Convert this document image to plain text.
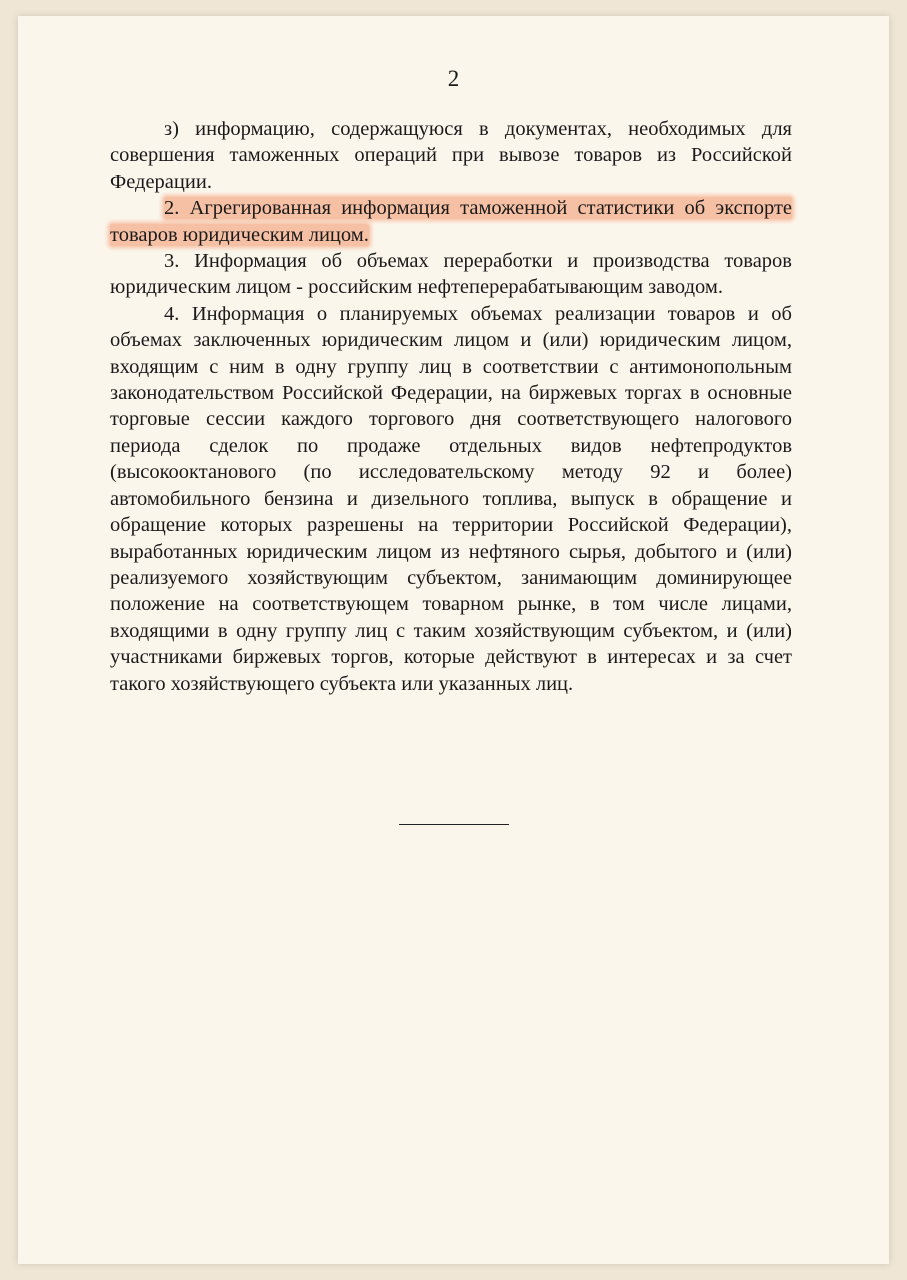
2

з) информацию, содержащуюся в документах, необходимых для совершения таможенных операций при вывозе товаров из Российской Федерации.

2. Агрегированная информация таможенной статистики об экспорте товаров юридическим лицом.

3. Информация об объемах переработки и производства товаров юридическим лицом - российским нефтеперерабатывающим заводом.

4. Информация о планируемых объемах реализации товаров и об объемах заключенных юридическим лицом и (или) юридическим лицом, входящим с ним в одну группу лиц в соответствии с антимонопольным законодательством Российской Федерации, на биржевых торгах в основные торговые сессии каждого торгового дня соответствующего налогового периода сделок по продаже отдельных видов нефтепродуктов (высокооктанового (по исследовательскому методу 92 и более) автомобильного бензина и дизельного топлива, выпуск в обращение и обращение которых разрешены на территории Российской Федерации), выработанных юридическим лицом из нефтяного сырья, добытого и (или) реализуемого хозяйствующим субъектом, занимающим доминирующее положение на соответствующем товарном рынке, в том числе лицами, входящими в одну группу лиц с таким хозяйствующим субъектом, и (или) участниками биржевых торгов, которые действуют в интересах и за счет такого хозяйствующего субъекта или указанных лиц.
